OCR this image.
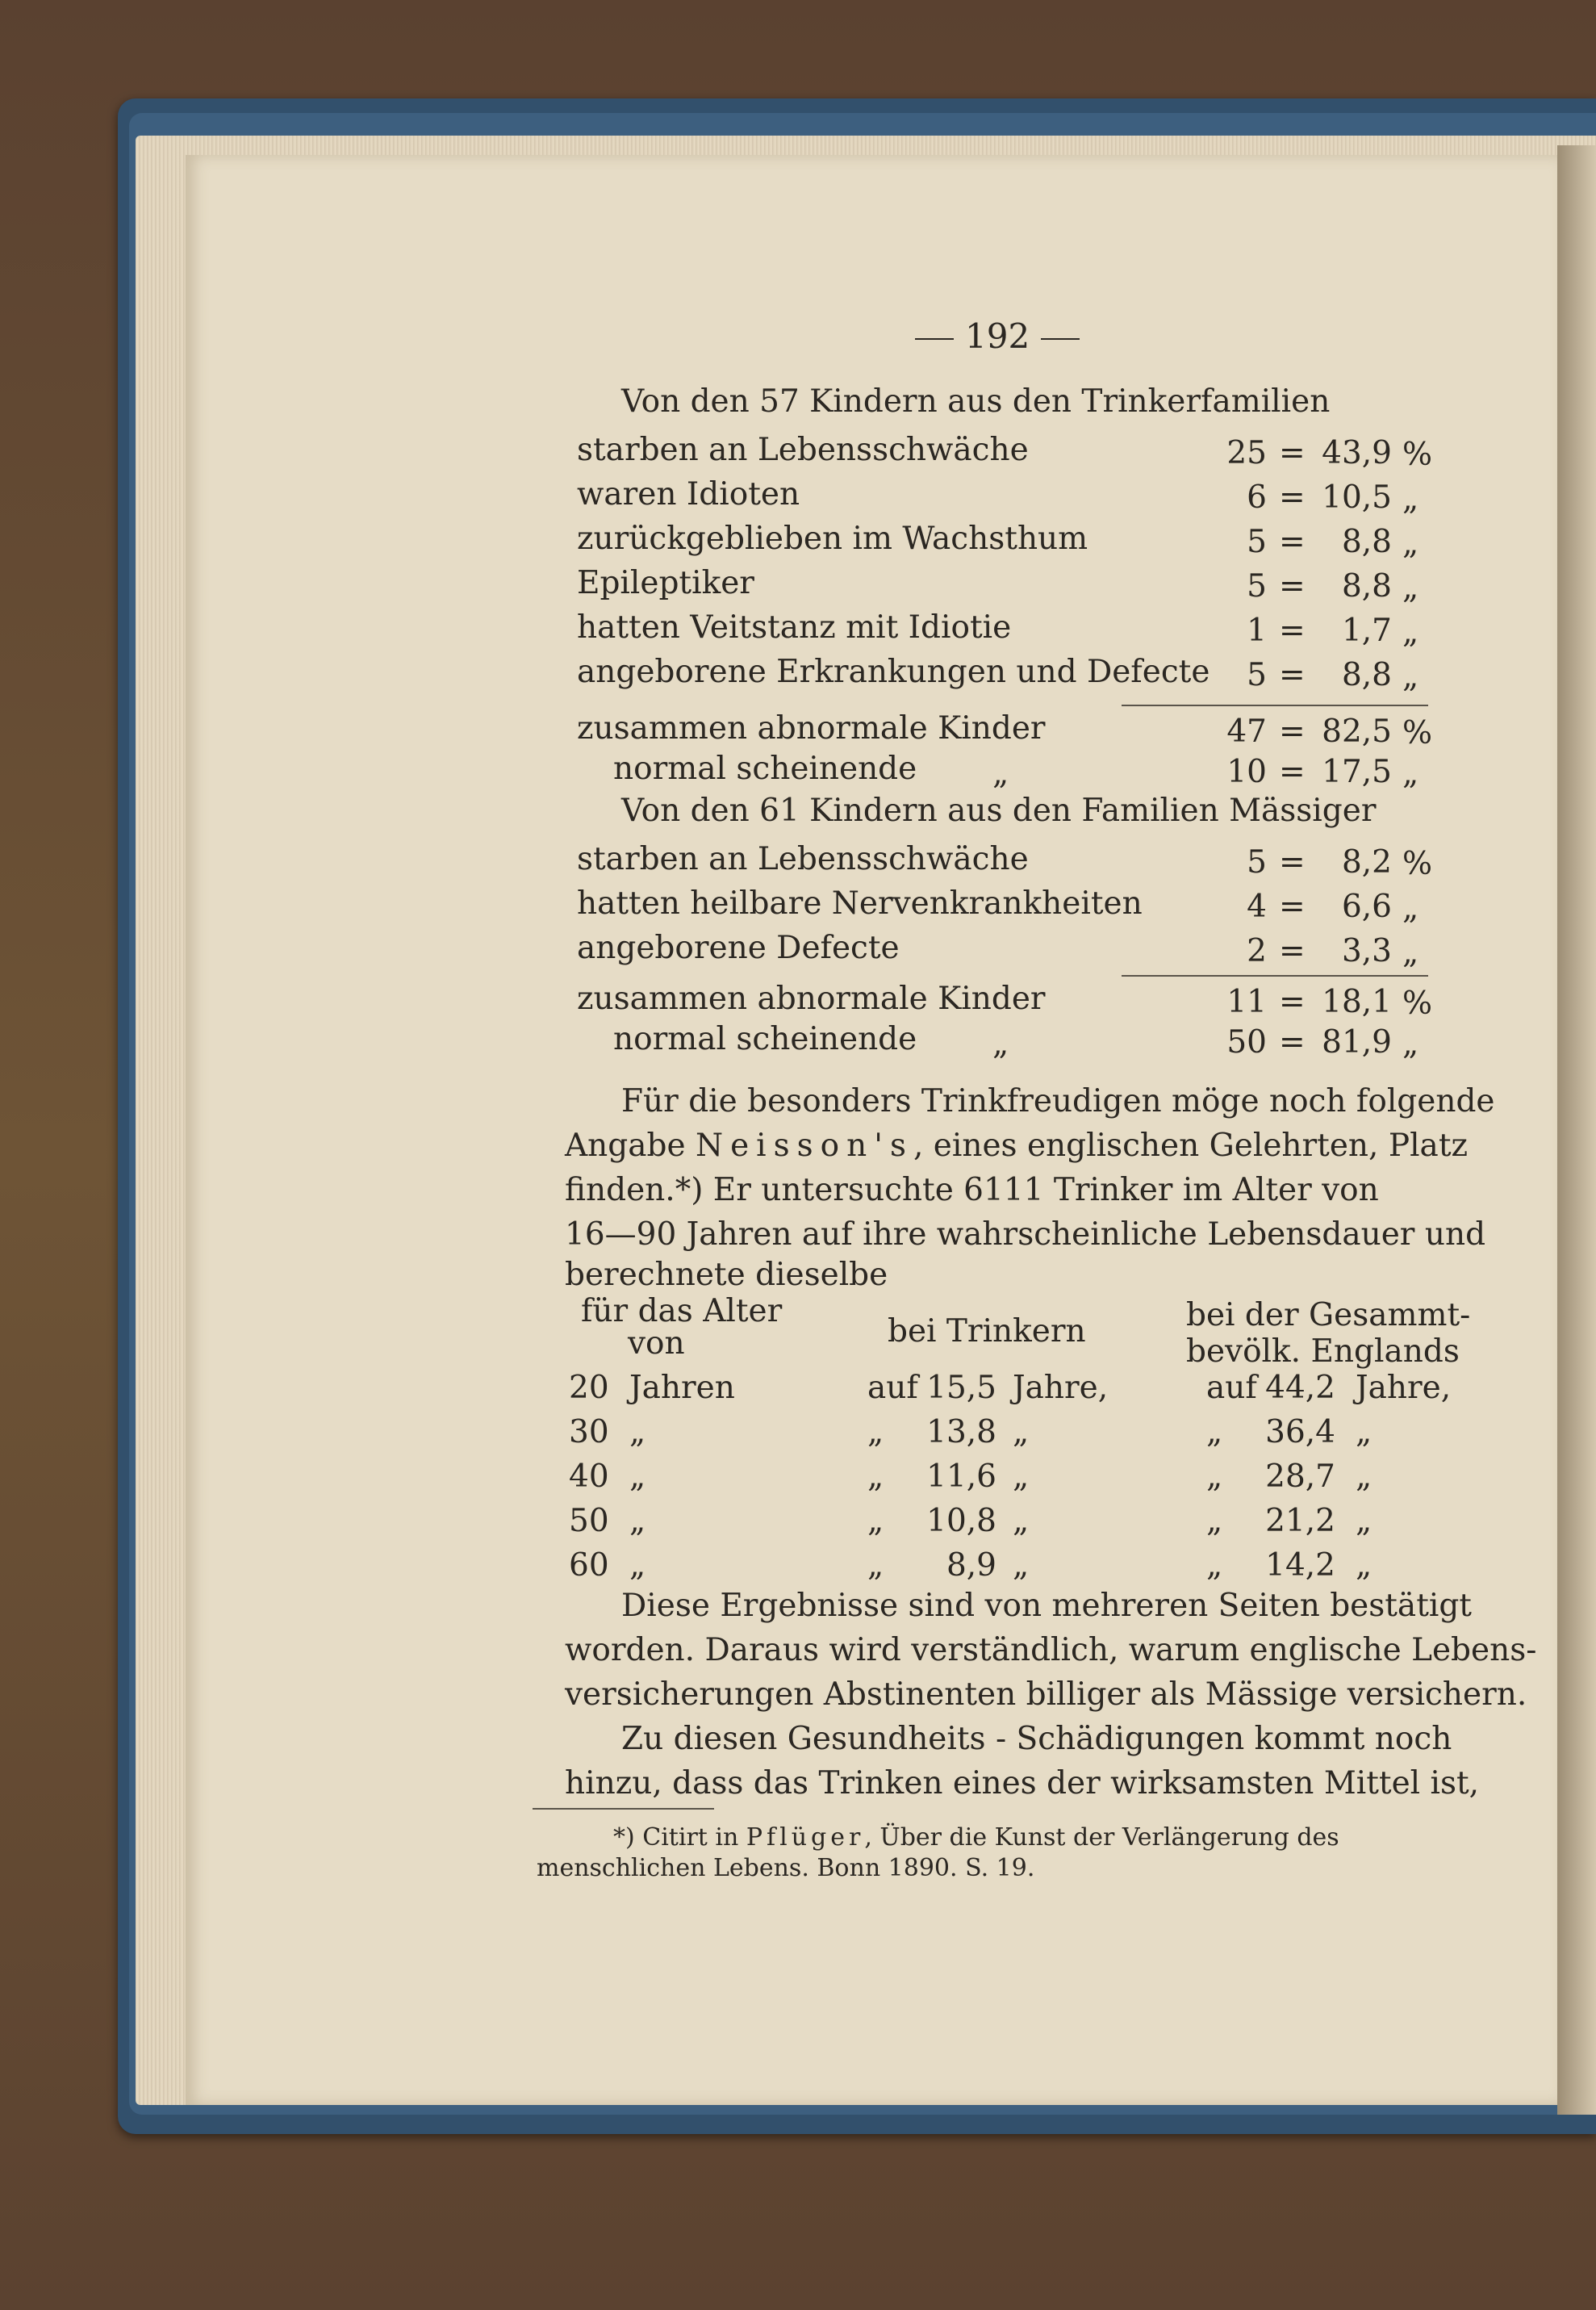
192
Von den 57 Kindern aus den Trinkerfamilien
starben an Lebensschwäche	25 = 43,9 %
waren Idioten	6 = 10,5 „
zurückgeblieben im Wachsthum	5 =	8,8 „
Epileptiker	5 =	8,8 „
hatten Veitstanz mit Idiotie	1 =	1,7 „
angeborene Erkrankungen und Defecte	5 =	8,8 „
zusammen abnormale Kinder	47 = 82,5 %
normal scheinende „	10 = 17,5 „
Von den 61 Kindern aus den Familien Mässiger
starben an Lebensschwäche	5 =	8,2 %
hatten heilbare Nervenkrankheiten	4 =	6,6 „
angeborene Defecte	2 =	3,3 „
zusammen abnormale Kinder	11 = 18,1 %
normal scheinende „	50 = 81,9 „
Für die besonders Trinkfreudigen möge noch folgende
Angabe Neisson's, eines englischen Gelehrten, Platz
finden.*) Er untersuchte 6111 Trinker im Alter von
16—90 Jahren auf ihre wahrscheinliche Lebensdauer und
berechnete dieselbe
für das Alter
von	bei Trinkern	bei der Gesammt-
bevölk. Englands
20 Jahren	auf 15,5 Jahre,	auf 44,2 Jahre,
30 „	„ 13,8 „	„ 36,4 „
40 „	„ 11,6 „	„ 28,7 „
50 „	„ 10,8 „	„ 21,2 „
60 „	„	8,9 „	„ 14,2 „
Diese Ergebnisse sind von mehreren Seiten bestätigt
worden. Daraus wird verständlich, warum englische Lebens-
versicherungen Abstinenten billiger als Mässige versichern.
Zu diesen Gesundheits - Schädigungen kommt noch
hinzu, dass das Trinken eines der wirksamsten Mittel ist,
*) Citirt in Pflüger, Über die Kunst der Verlängerung des
menschlichen Lebens. Bonn 1890. S. 19.
